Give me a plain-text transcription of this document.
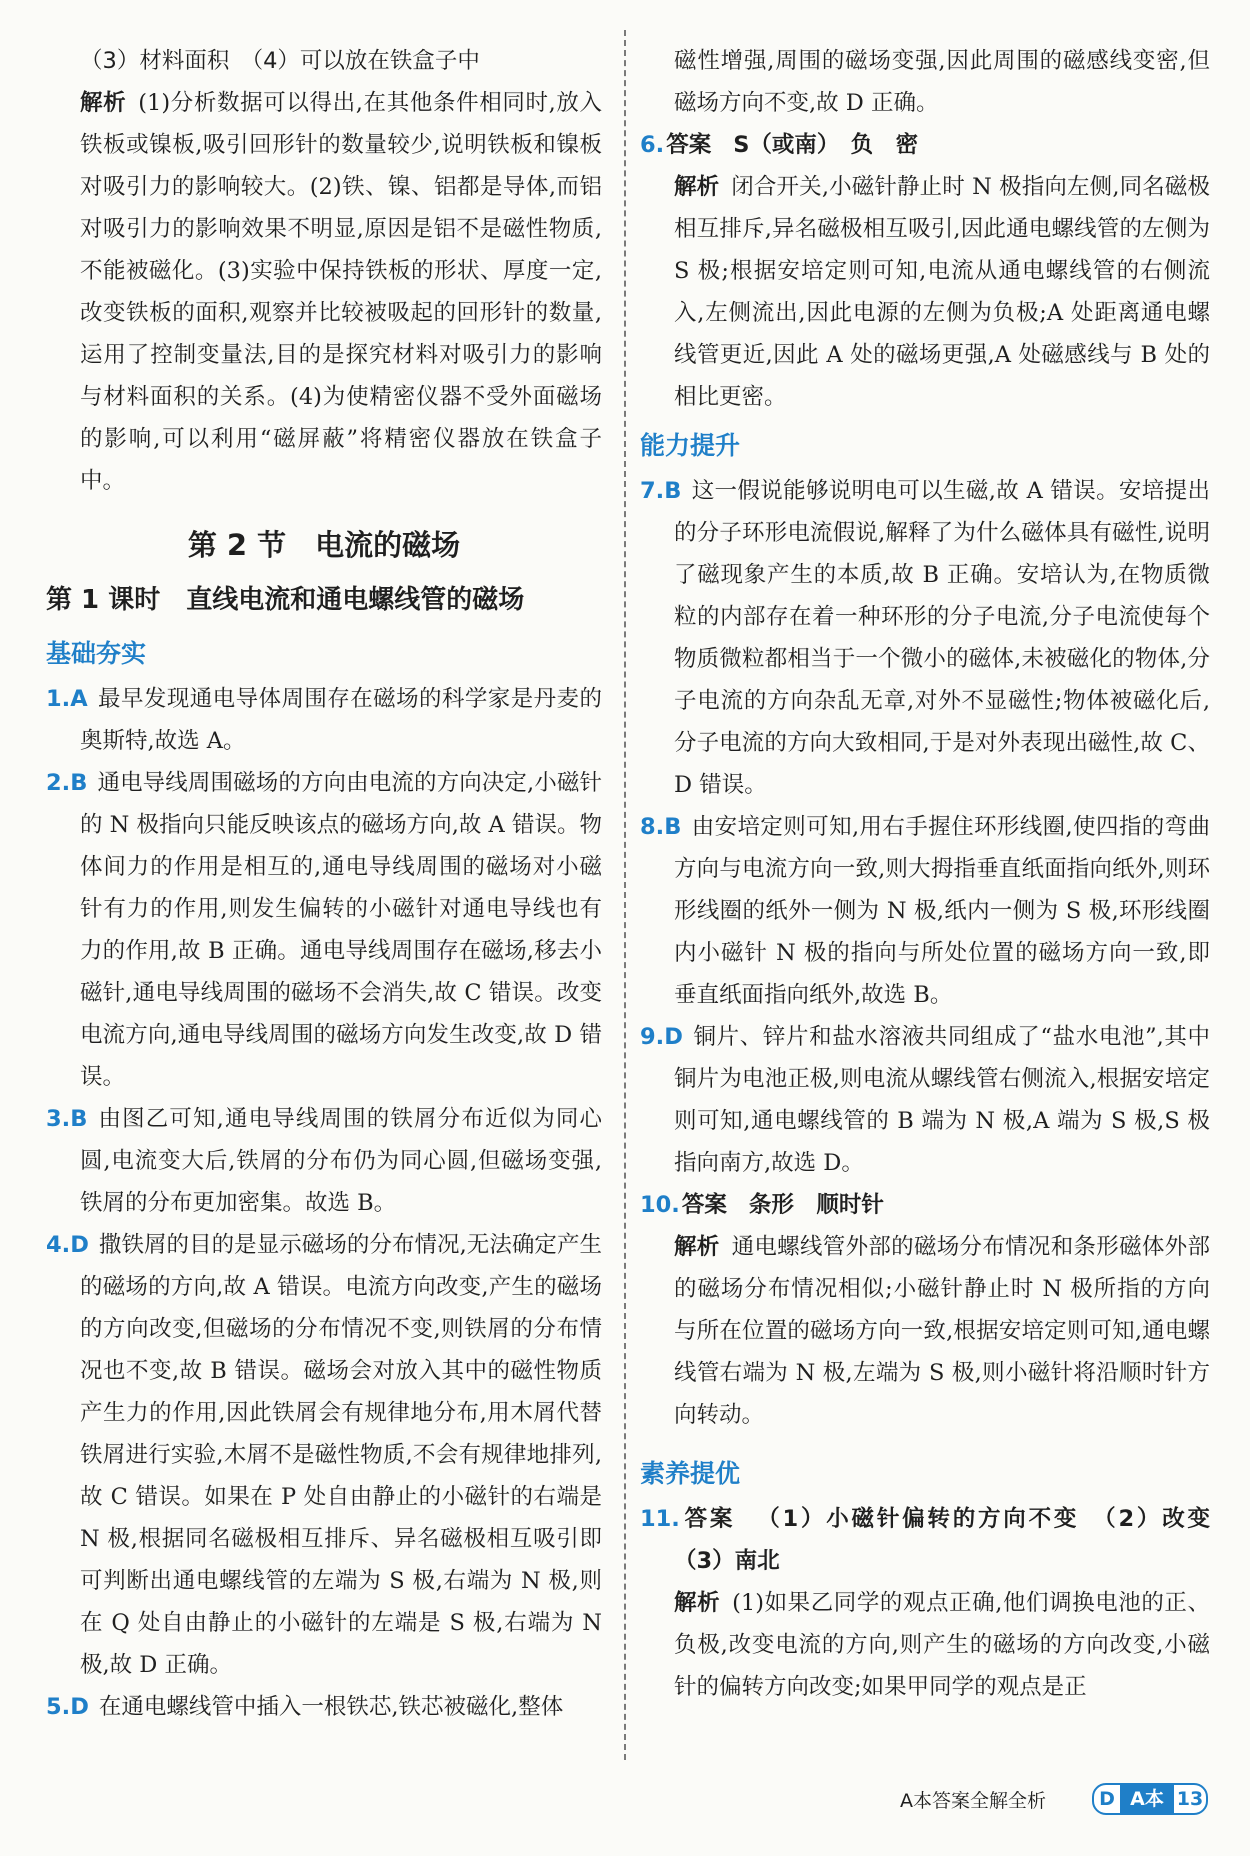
（3）材料面积　（4）可以放在铁盒子中

解析 (1)分析数据可以得出,在其他条件相同时,放入铁板或镍板,吸引回形针的数量较少,说明铁板和镍板对吸引力的影响较大。(2)铁、镍、铝都是导体,而铝对吸引力的影响效果不明显,原因是铝不是磁性物质,不能被磁化。(3)实验中保持铁板的形状、厚度一定,改变铁板的面积,观察并比较被吸起的回形针的数量,运用了控制变量法,目的是探究材料对吸引力的影响与材料面积的关系。(4)为使精密仪器不受外面磁场的影响,可以利用“磁屏蔽”将精密仪器放在铁盒子中。

第 2 节　电流的磁场
第 1 课时　直线电流和通电螺线管的磁场
基础夯实

1.A 最早发现通电导体周围存在磁场的科学家是丹麦的奥斯特,故选 A。

2.B 通电导线周围磁场的方向由电流的方向决定,小磁针的 N 极指向只能反映该点的磁场方向,故 A 错误。物体间力的作用是相互的,通电导线周围的磁场对小磁针有力的作用,则发生偏转的小磁针对通电导线也有力的作用,故 B 正确。通电导线周围存在磁场,移去小磁针,通电导线周围的磁场不会消失,故 C 错误。改变电流方向,通电导线周围的磁场方向发生改变,故 D 错误。

3.B 由图乙可知,通电导线周围的铁屑分布近似为同心圆,电流变大后,铁屑的分布仍为同心圆,但磁场变强,铁屑的分布更加密集。故选 B。

4.D 撒铁屑的目的是显示磁场的分布情况,无法确定产生的磁场的方向,故 A 错误。电流方向改变,产生的磁场的方向改变,但磁场的分布情况不变,则铁屑的分布情况也不变,故 B 错误。磁场会对放入其中的磁性物质产生力的作用,因此铁屑会有规律地分布,用木屑代替铁屑进行实验,木屑不是磁性物质,不会有规律地排列,故 C 错误。如果在 P 处自由静止的小磁针的右端是 N 极,根据同名磁极相互排斥、异名磁极相互吸引即可判断出通电螺线管的左端为 S 极,右端为 N 极,则在 Q 处自由静止的小磁针的左端是 S 极,右端为 N 极,故 D 正确。

5.D 在通电螺线管中插入一根铁芯,铁芯被磁化,整体

磁性增强,周围的磁场变强,因此周围的磁感线变密,但磁场方向不变,故 D 正确。

6.答案 S（或南）　负　密

解析 闭合开关,小磁针静止时 N 极指向左侧,同名磁极相互排斥,异名磁极相互吸引,因此通电螺线管的左侧为 S 极;根据安培定则可知,电流从通电螺线管的右侧流入,左侧流出,因此电源的左侧为负极;A 处距离通电螺线管更近,因此 A 处的磁场更强,A 处磁感线与 B 处的相比更密。

能力提升

7.B 这一假说能够说明电可以生磁,故 A 错误。安培提出的分子环形电流假说,解释了为什么磁体具有磁性,说明了磁现象产生的本质,故 B 正确。安培认为,在物质微粒的内部存在着一种环形的分子电流,分子电流使每个物质微粒都相当于一个微小的磁体,未被磁化的物体,分子电流的方向杂乱无章,对外不显磁性;物体被磁化后,分子电流的方向大致相同,于是对外表现出磁性,故 C、D 错误。

8.B 由安培定则可知,用右手握住环形线圈,使四指的弯曲方向与电流方向一致,则大拇指垂直纸面指向纸外,则环形线圈的纸外一侧为 N 极,纸内一侧为 S 极,环形线圈内小磁针 N 极的指向与所处位置的磁场方向一致,即垂直纸面指向纸外,故选 B。

9.D 铜片、锌片和盐水溶液共同组成了“盐水电池”,其中铜片为电池正极,则电流从螺线管右侧流入,根据安培定则可知,通电螺线管的 B 端为 N 极,A 端为 S 极,S 极指向南方,故选 D。

10.答案 条形　顺时针

解析 通电螺线管外部的磁场分布情况和条形磁体外部的磁场分布情况相似;小磁针静止时 N 极所指的方向与所在位置的磁场方向一致,根据安培定则可知,通电螺线管右端为 N 极,左端为 S 极,则小磁针将沿顺时针方向转动。

素养提优

11.答案 （1）小磁针偏转的方向不变　（2）改变　（3）南北

解析 (1)如果乙同学的观点正确,他们调换电池的正、负极,改变电流的方向,则产生的磁场的方向改变,小磁针的偏转方向改变;如果甲同学的观点是正

A本答案全解全析	D A本 13
